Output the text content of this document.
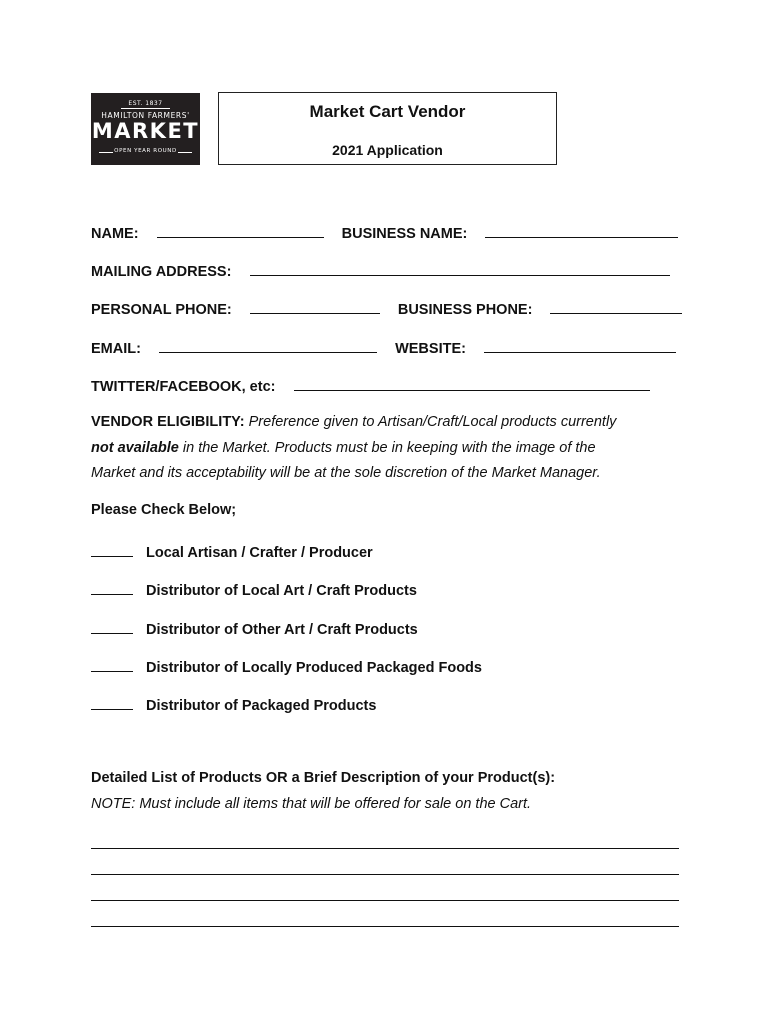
EST. 1837
HAMILTON FARMERS'
MARKET
OPEN YEAR ROUND
Market Cart Vendor
2021 Application
NAME:	BUSINESS NAME:
MAILING ADDRESS:
PERSONAL PHONE:	BUSINESS PHONE:
EMAIL:	WEBSITE:
TWITTER/FACEBOOK, etc:
VENDOR ELIGIBILITY: Preference given to Artisan/Craft/Local products currently
not available in the Market. Products must be in keeping with the image of the
Market and its acceptability will be at the sole discretion of the Market Manager.
Please Check Below;
Local Artisan / Crafter / Producer
Distributor of Local Art / Craft Products
Distributor of Other Art / Craft Products
Distributor of Locally Produced Packaged Foods
Distributor of Packaged Products
Detailed List of Products OR a Brief Description of your Product(s):
NOTE: Must include all items that will be offered for sale on the Cart.
